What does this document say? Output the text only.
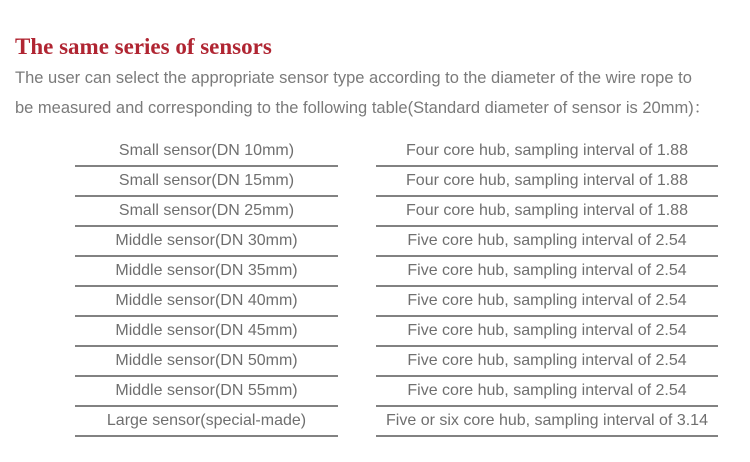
The same series of sensors

The user can select the appropriate sensor type according to the diameter of the wire rope to
be measured and corresponding to the following table(Standard diameter of sensor is 20mm)：

Small sensor(DN 10mm)	Four core hub, sampling interval of 1.88
Small sensor(DN 15mm)	Four core hub, sampling interval of 1.88
Small sensor(DN 25mm)	Four core hub, sampling interval of 1.88
Middle sensor(DN 30mm)	Five core hub, sampling interval of 2.54
Middle sensor(DN 35mm)	Five core hub, sampling interval of 2.54
Middle sensor(DN 40mm)	Five core hub, sampling interval of 2.54
Middle sensor(DN 45mm)	Five core hub, sampling interval of 2.54
Middle sensor(DN 50mm)	Five core hub, sampling interval of 2.54
Middle sensor(DN 55mm)	Five core hub, sampling interval of 2.54
Large sensor(special-made)	Five or six core hub, sampling interval of 3.14
